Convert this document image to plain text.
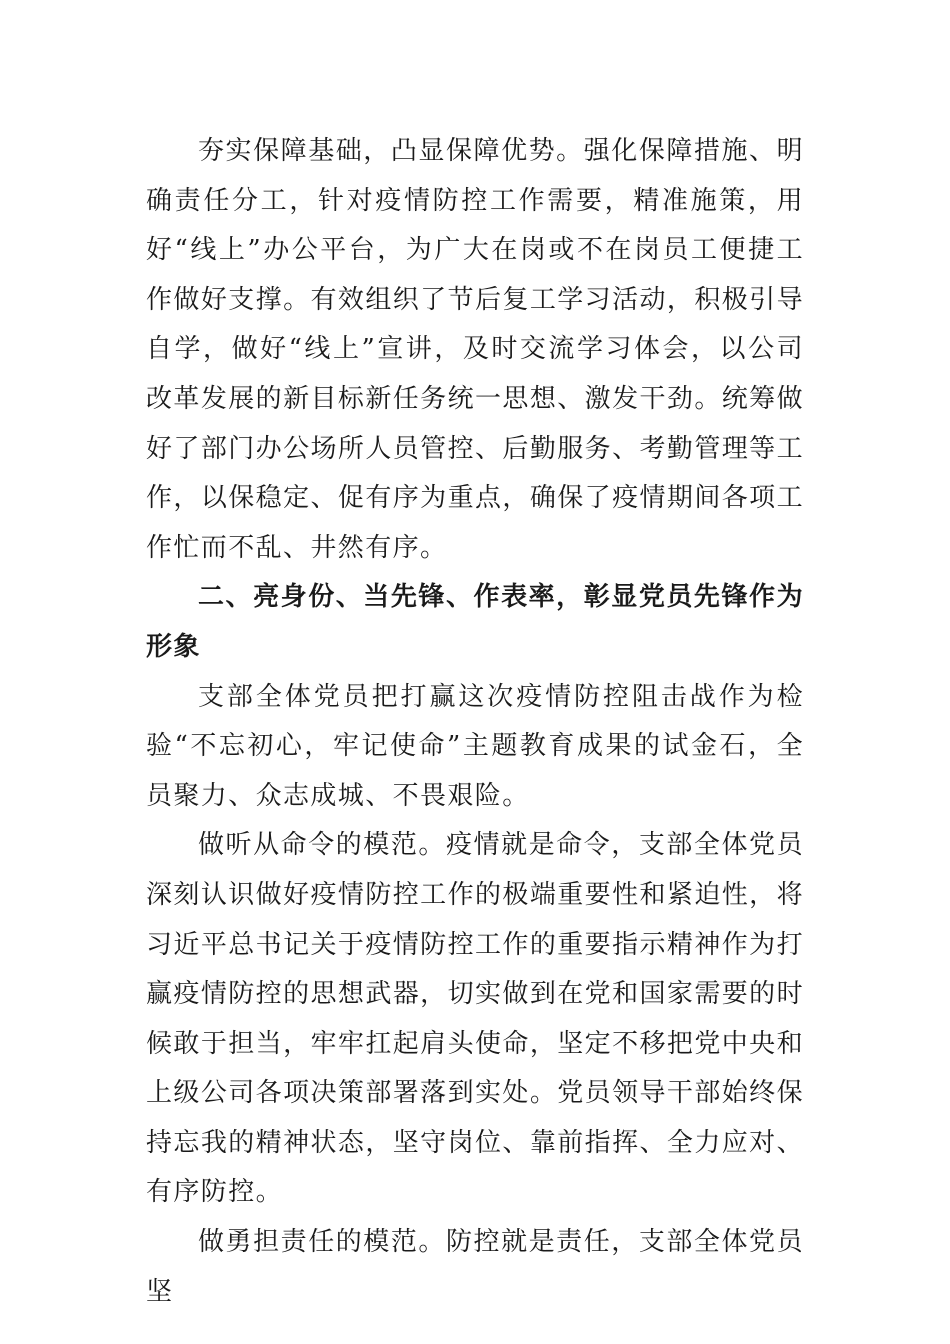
夯实保障基础，凸显保障优势。强化保障措施、明确责任分工，针对疫情防控工作需要，精准施策，用好“线上”办公平台，为广大在岗或不在岗员工便捷工作做好支撑。有效组织了节后复工学习活动，积极引导自学，做好“线上”宣讲，及时交流学习体会，以公司改革发展的新目标新任务统一思想、激发干劲。统筹做好了部门办公场所人员管控、后勤服务、考勤管理等工作，以保稳定、促有序为重点，确保了疫情期间各项工作忙而不乱、井然有序。

二、亮身份、当先锋、作表率，彰显党员先锋作为形象

支部全体党员把打赢这次疫情防控阻击战作为检验“不忘初心，牢记使命”主题教育成果的试金石，全员聚力、众志成城、不畏艰险。

做听从命令的模范。疫情就是命令，支部全体党员深刻认识做好疫情防控工作的极端重要性和紧迫性，将习近平总书记关于疫情防控工作的重要指示精神作为打赢疫情防控的思想武器，切实做到在党和国家需要的时候敢于担当，牢牢扛起肩头使命，坚定不移把党中央和上级公司各项决策部署落到实处。党员领导干部始终保持忘我的精神状态，坚守岗位、靠前指挥、全力应对、有序防控。

做勇担责任的模范。防控就是责任，支部全体党员坚
